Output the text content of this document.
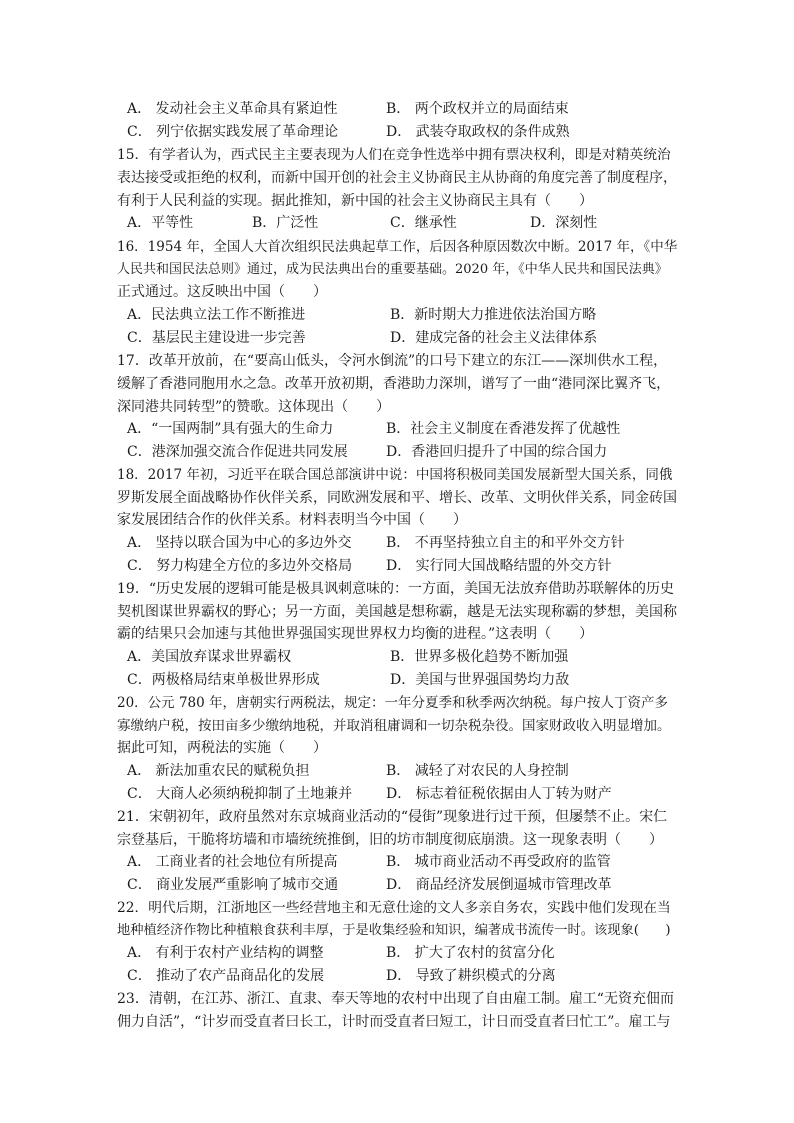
A． 发动社会主义革命具有紧迫性	B． 两个政权并立的局面结束
C． 列宁依据实践发展了革命理论	D． 武装夺取政权的条件成熟
15．有学者认为，西式民主主要表现为人们在竞争性选举中拥有票决权利，即是对精英统治
表达接受或拒绝的权利，而新中国开创的社会主义协商民主从协商的角度完善了制度程序，
有利于人民利益的实现。据此推知，新中国的社会主义协商民主具有（　　）
A．平等性	B．广泛性	C．继承性	D．深刻性
16．1954 年，全国人大首次组织民法典起草工作，后因各种原因数次中断。2017 年，《中华
人民共和国民法总则》通过，成为民法典出台的重要基础。2020 年，《中华人民共和国民法典》
正式通过。这反映出中国（　　）
A．民法典立法工作不断推进	B．新时期大力推进依法治国方略
C．基层民主建设进一步完善	D．建成完备的社会主义法律体系
17．改革开放前，在“要高山低头，令河水倒流”的口号下建立的东江——深圳供水工程，
缓解了香港同胞用水之急。改革开放初期，香港助力深圳，谱写了一曲“港同深比翼齐飞，
深同港共同转型”的赞歌。这体现出（　　）
A．“一国两制”具有强大的生命力	B．社会主义制度在香港发挥了优越性
C．港深加强交流合作促进共同发展	D．香港回归提升了中国的综合国力
18．2017 年初，习近平在联合国总部演讲中说：中国将积极同美国发展新型大国关系，同俄
罗斯发展全面战略协作伙伴关系，同欧洲发展和平、增长、改革、文明伙伴关系，同金砖国
家发展团结合作的伙伴关系。材料表明当今中国（　　）
A． 坚持以联合国为中心的多边外交 B． 不再坚持独立自主的和平外交方针
C． 努力构建全方位的多边外交格局 D． 实行同大国战略结盟的外交方针
19．“历史发展的逻辑可能是极具讽刺意味的：一方面，美国无法放弃借助苏联解体的历史
契机图谋世界霸权的野心；另一方面，美国越是想称霸，越是无法实现称霸的梦想，美国称
霸的结果只会加速与其他世界强国实现世界权力均衡的进程。”这表明（　　）
A．美国放弃谋求世界霸权	B．世界多极化趋势不断加强
C．两极格局结束单极世界形成	D．美国与世界强国势均力敌
20．公元 780 年，唐朝实行两税法，规定：一年分夏季和秋季两次纳税。每户按人丁资产多
寡缴纳户税，按田亩多少缴纳地税，并取消租庸调和一切杂税杂役。国家财政收入明显增加。
据此可知，两税法的实施（　　）
A． 新法加重农民的赋税负担	B． 减轻了对农民的人身控制
C． 大商人必须纳税抑制了土地兼并 D． 标志着征税依据由人丁转为财产
21．宋朝初年，政府虽然对东京城商业活动的“侵街”现象进行过干预，但屡禁不止。宋仁
宗登基后，干脆将坊墙和市墙统统推倒，旧的坊市制度彻底崩溃。这一现象表明（　　）
A． 工商业者的社会地位有所提高	B． 城市商业活动不再受政府的监管
C． 商业发展严重影响了城市交通	D． 商品经济发展倒逼城市管理改革
22．明代后期，江浙地区一些经营地主和无意仕途的文人多亲自务农，实践中他们发现在当
地种植经济作物比种植粮食获利丰厚，于是收集经验和知识，编著成书流传一时。该现象(　　)
A． 有利于农村产业结构的调整	B． 扩大了农村的贫富分化
C． 推动了农产品商品化的发展	D． 导致了耕织模式的分离
23．清朝，在江苏、浙江、直隶、奉天等地的农村中出现了自由雇工制。雇工“无资充佃而
佣力自活”，“计岁而受直者曰长工，计时而受直者曰短工，计日而受直者曰忙工”。雇工与
